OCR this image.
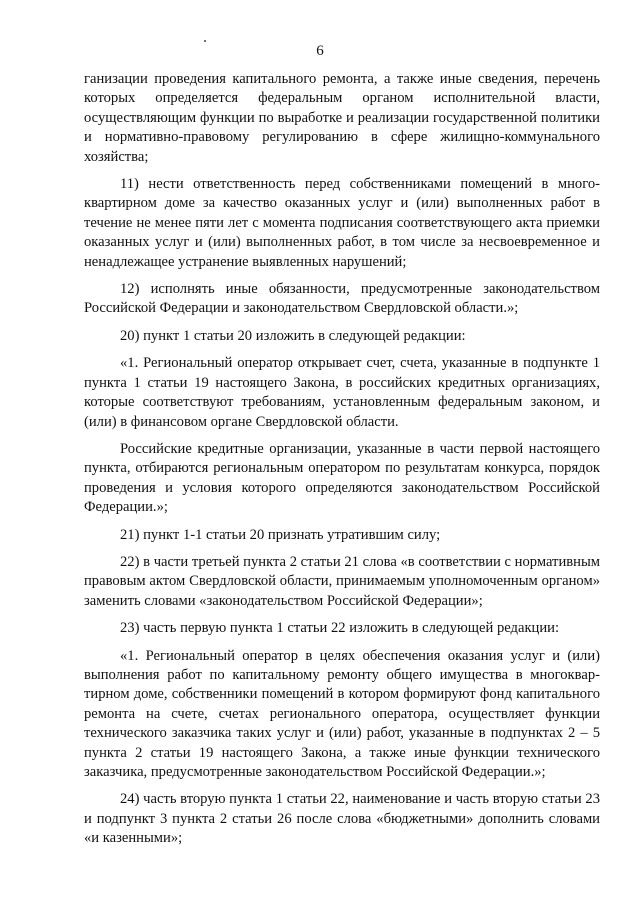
6

ганизации проведения капитального ремонта, а также иные сведения, перечень которых определяется федеральным органом исполнительной власти, осуществляющим функции по выработке и реализации государственной политики и нормативно-правовому регулированию в сфере жилищно-коммунального хозяйства;

11) нести ответственность перед собственниками помещений в многоквартирном доме за качество оказанных услуг и (или) выполненных работ в течение не менее пяти лет с момента подписания соответствующего акта приемки оказанных услуг и (или) выполненных работ, в том числе за несвоевременное и ненадлежащее устранение выявленных нарушений;

12) исполнять иные обязанности, предусмотренные законодательством Российской Федерации и законодательством Свердловской области.»;

20) пункт 1 статьи 20 изложить в следующей редакции:

«1. Региональный оператор открывает счет, счета, указанные в подпункте 1 пункта 1 статьи 19 настоящего Закона, в российских кредитных организациях, которые соответствуют требованиям, установленным федеральным законом, и (или) в финансовом органе Свердловской области.

Российские кредитные организации, указанные в части первой настоящего пункта, отбираются региональным оператором по результатам конкурса, порядок проведения и условия которого определяются законодательством Российской Федерации.»;

21) пункт 1-1 статьи 20 признать утратившим силу;

22) в части третьей пункта 2 статьи 21 слова «в соответствии с нормативным правовым актом Свердловской области, принимаемым уполномоченным органом» заменить словами «законодательством Российской Федерации»;

23) часть первую пункта 1 статьи 22 изложить в следующей редакции:

«1. Региональный оператор в целях обеспечения оказания услуг и (или) выполнения работ по капитальному ремонту общего имущества в многоквартирном доме, собственники помещений в котором формируют фонд капитального ремонта на счете, счетах регионального оператора, осуществляет функции технического заказчика таких услуг и (или) работ, указанные в подпунктах 2 – 5 пункта 2 статьи 19 настоящего Закона, а также иные функции технического заказчика, предусмотренные законодательством Российской Федерации.»;

24) часть вторую пункта 1 статьи 22, наименование и часть вторую статьи 23 и подпункт 3 пункта 2 статьи 26 после слова «бюджетными» дополнить словами «и казенными»;
